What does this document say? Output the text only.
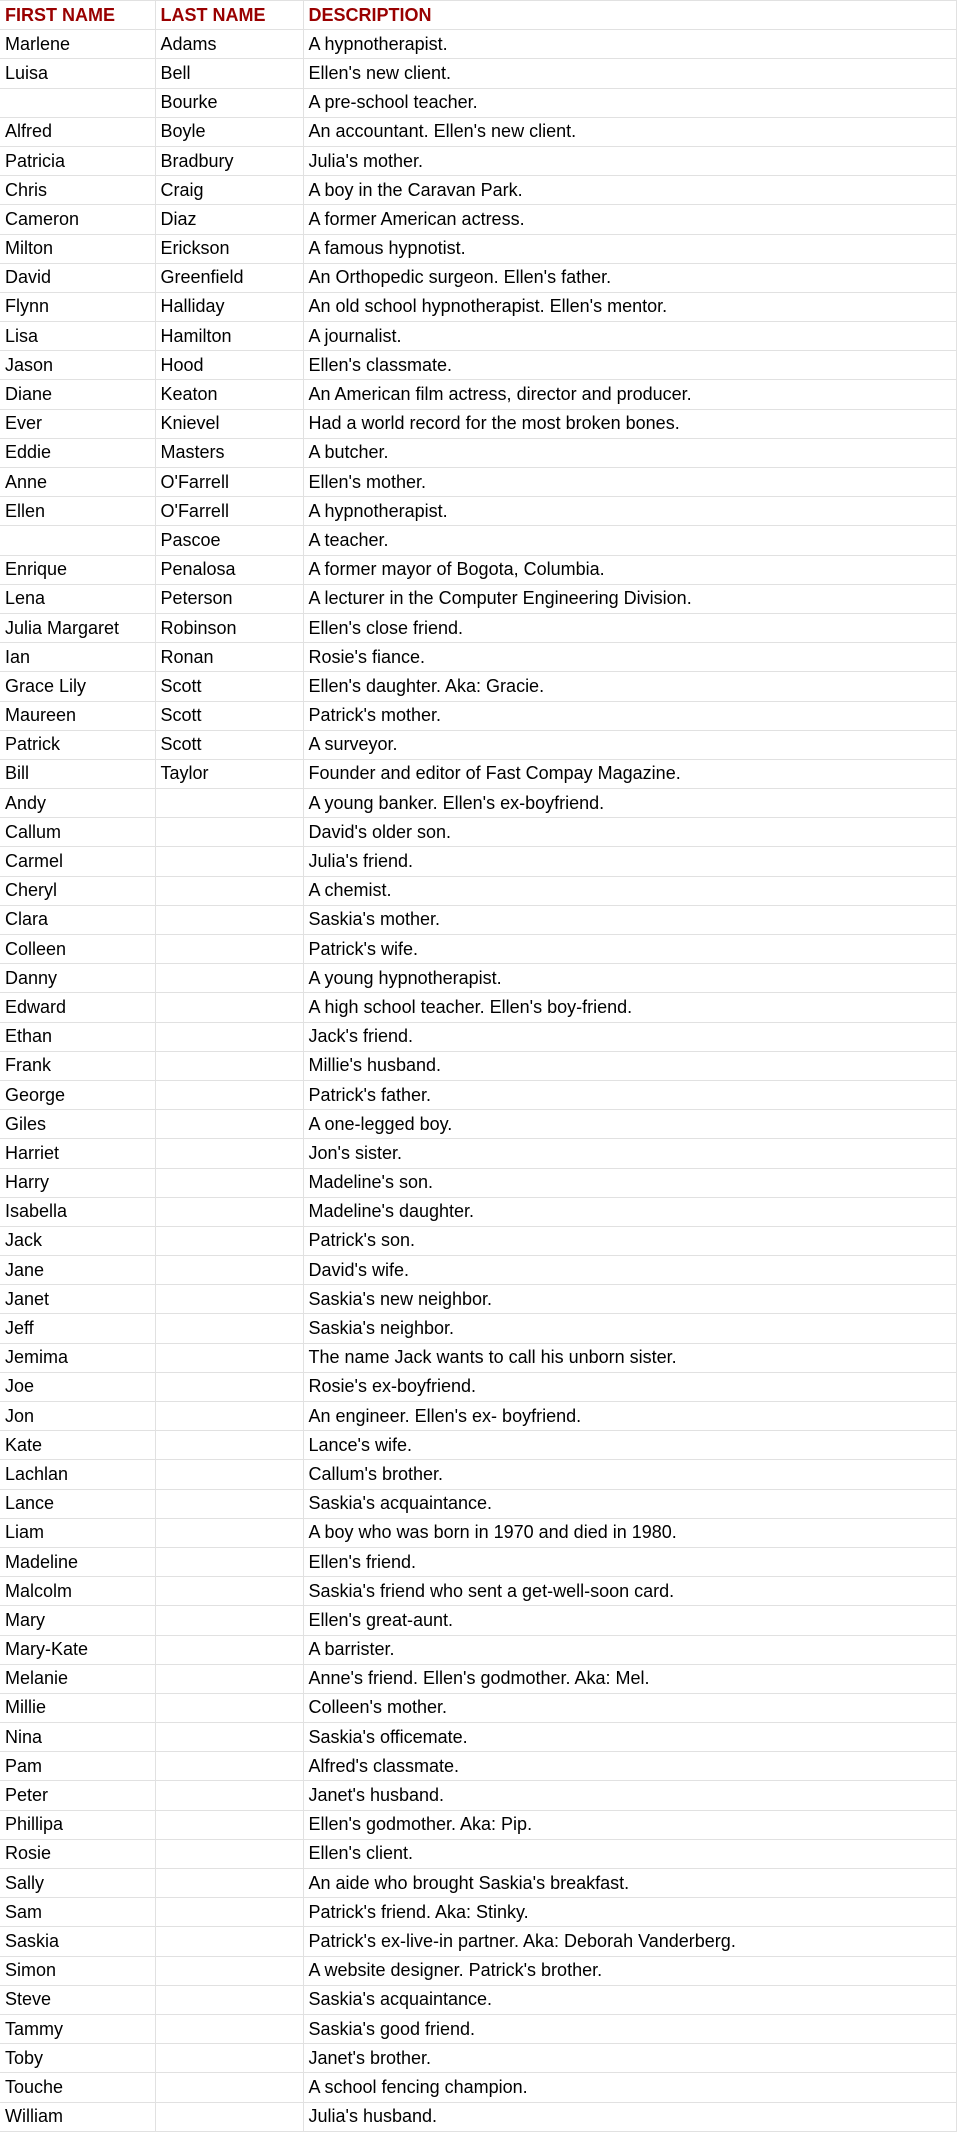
FIRST NAME	LAST NAME	DESCRIPTION
Marlene	Adams	A hypnotherapist.
Luisa	Bell	Ellen's new client.
	Bourke	A pre-school teacher.
Alfred	Boyle	An accountant. Ellen's new client.
Patricia	Bradbury	Julia's mother.
Chris	Craig	A boy in the Caravan Park.
Cameron	Diaz	A former American actress.
Milton	Erickson	A famous hypnotist.
David	Greenfield	An Orthopedic surgeon. Ellen's father.
Flynn	Halliday	An old school hypnotherapist. Ellen's mentor.
Lisa	Hamilton	A journalist.
Jason	Hood	Ellen's classmate.
Diane	Keaton	An American film actress, director and producer.
Ever	Knievel	Had a world record for the most broken bones.
Eddie	Masters	A butcher.
Anne	O'Farrell	Ellen's mother.
Ellen	O'Farrell	A hypnotherapist.
	Pascoe	A teacher.
Enrique	Penalosa	A former mayor of Bogota, Columbia.
Lena	Peterson	A lecturer in the Computer Engineering Division.
Julia Margaret	Robinson	Ellen's close friend.
Ian	Ronan	Rosie's fiance.
Grace Lily	Scott	Ellen's daughter. Aka: Gracie.
Maureen	Scott	Patrick's mother.
Patrick	Scott	A surveyor.
Bill	Taylor	Founder and editor of Fast Compay Magazine.
Andy		A young banker. Ellen's ex-boyfriend.
Callum		David's older son.
Carmel		Julia's friend.
Cheryl		A chemist.
Clara		Saskia's mother.
Colleen		Patrick's wife.
Danny		A young hypnotherapist.
Edward		A high school teacher. Ellen's boy-friend.
Ethan		Jack's friend.
Frank		Millie's husband.
George		Patrick's father.
Giles		A one-legged boy.
Harriet		Jon's sister.
Harry		Madeline's son.
Isabella		Madeline's daughter.
Jack		Patrick's son.
Jane		David's wife.
Janet		Saskia's new neighbor.
Jeff		Saskia's neighbor.
Jemima		The name Jack wants to call his unborn sister.
Joe		Rosie's ex-boyfriend.
Jon		An engineer. Ellen's ex- boyfriend.
Kate		Lance's wife.
Lachlan		Callum's brother.
Lance		Saskia's acquaintance.
Liam		A boy who was born in 1970 and died in 1980.
Madeline		Ellen's friend.
Malcolm		Saskia's friend who sent a get-well-soon card.
Mary		Ellen's great-aunt.
Mary-Kate		A barrister.
Melanie		Anne's friend. Ellen's godmother. Aka: Mel.
Millie		Colleen's mother.
Nina		Saskia's officemate.
Pam		Alfred's classmate.
Peter		Janet's husband.
Phillipa		Ellen's godmother. Aka: Pip.
Rosie		Ellen's client.
Sally		An aide who brought Saskia's breakfast.
Sam		Patrick's friend. Aka: Stinky.
Saskia		Patrick's ex-live-in partner. Aka: Deborah Vanderberg.
Simon		A website designer. Patrick's brother.
Steve		Saskia's acquaintance.
Tammy		Saskia's good friend.
Toby		Janet's brother.
Touche		A school fencing champion.
William		Julia's husband.
